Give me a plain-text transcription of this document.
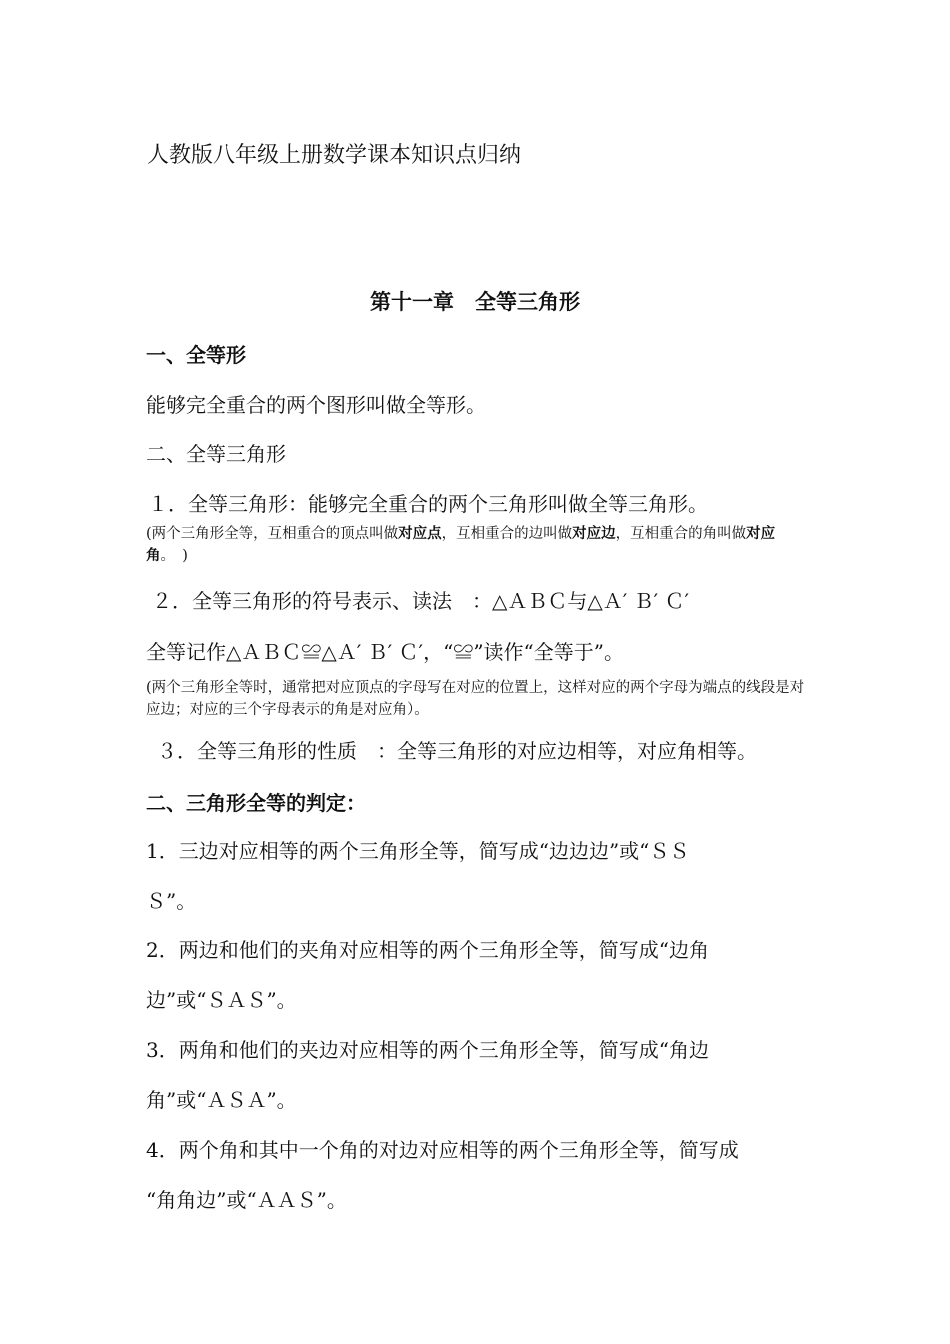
人教版八年级上册数学课本知识点归纳
第十一章　全等三角形
一、全等形
能够完全重合的两个图形叫做全等形。
二、全等三角形
１．全等三角形：能够完全重合的两个三角形叫做全等三角形。
(两个三角形全等，互相重合的顶点叫做对应点，互相重合的边叫做对应边，互相重合的角叫做对应角。　)
２．全等三角形的符号表示、读法　：△ＡＢＣ与△Ａ′ Ｂ′ Ｃ′
全等记作△ＡＢＣ≌△Ａ′ Ｂ′ Ｃ′，“≌”读作“全等于”。
(两个三角形全等时，通常把对应顶点的字母写在对应的位置上，这样对应的两个字母为端点的线段是对应边；对应的三个字母表示的角是对应角）。
３．全等三角形的性质　：全等三角形的对应边相等，对应角相等。
二、三角形全等的判定：
1．三边对应相等的两个三角形全等，简写成“边边边”或“ＳＳ
Ｓ”。
2．两边和他们的夹角对应相等的两个三角形全等，简写成“边角
边”或“ＳＡＳ”。
3．两角和他们的夹边对应相等的两个三角形全等，简写成“角边
角”或“ＡＳＡ”。
4．两个角和其中一个角的对边对应相等的两个三角形全等，简写成
“角角边”或“ＡＡＳ”。
